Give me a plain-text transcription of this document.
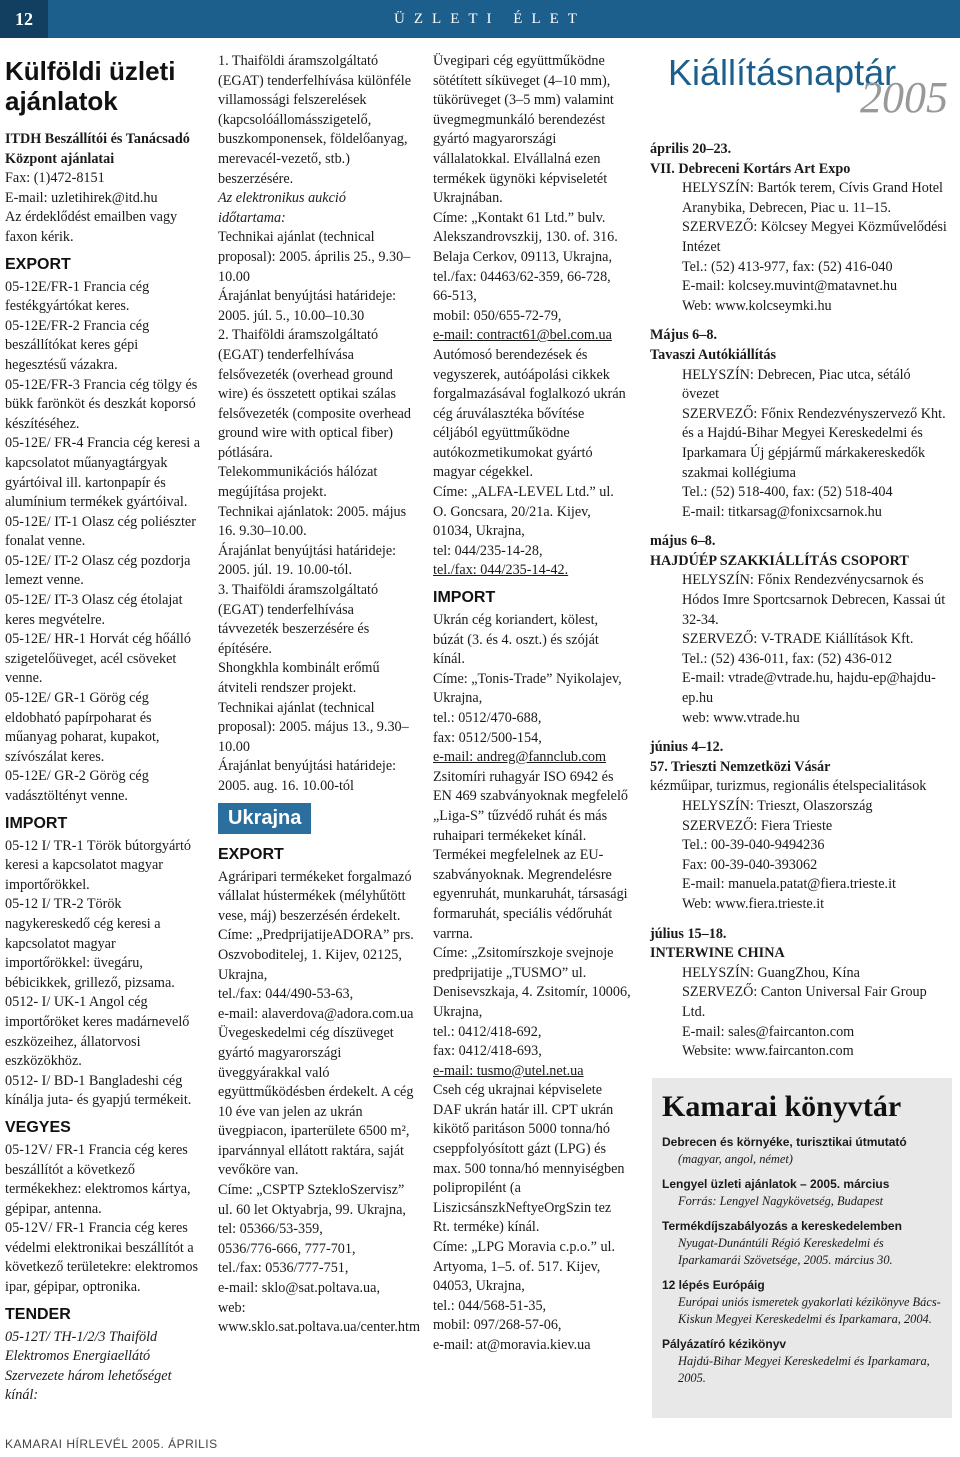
12	ÜZLETI ÉLET

Külföldi üzleti ajánlatok

ITDH Beszállítói és Tanácsadó Központ ajánlatai

Fax: (1)472-8151

E-mail: uzletihirek@itd.hu

Az érdeklődést emailben vagy faxon kérik.

EXPORT

05-12E/FR-1 Francia cég festékgyártókat keres.

05-12E/FR-2 Francia cég beszállítókat keres gépi hegesztésű vázakra.

05-12E/FR-3 Francia cég tölgy és bükk farönköt és deszkát koporsó készítéséhez.

05-12E/ FR-4 Francia cég keresi a kapcsolatot műanyagtárgyak gyártóival ill. kartonpapír és alumínium termékek gyártóival.

05-12E/ IT-1 Olasz cég poliészter fonalat venne.

05-12E/ IT-2 Olasz cég pozdorja lemezt venne.

05-12E/ IT-3 Olasz cég étolajat keres megvételre.

05-12E/ HR-1 Horvát cég hőálló szigetelőüveget, acél csöveket venne.

05-12E/ GR-1 Görög cég eldobható papírpoharat és műanyag poharat, kupakot, szívószálat keres.

05-12E/ GR-2 Görög cég vadásztöltényt venne.

IMPORT

05-12 I/ TR-1 Török bútorgyártó keresi a kapcsolatot magyar importőrökkel.

05-12 I/ TR-2 Török nagykereskedő cég keresi a kapcsolatot magyar importőrökkel: üvegáru, bébicikkek, grillező, pizsama.

0512- I/ UK-1 Angol cég importőröket keres madárnevelő eszközeihez, állatorvosi eszközökhöz.

0512- I/ BD-1 Bangladeshi cég kínálja juta- és gyapjú termékeit.

VEGYES

05-12V/ FR-1 Francia cég keres beszállítót a következő termékekhez: elektromos kártya, gépipar, antenna.

05-12V/ FR-1 Francia cég keres védelmi elektronikai beszállítót a következő területekre: elektromos ipar, gépipar, optronika.

TENDER

05-12T/ TH-1/2/3 Thaiföld Elektromos Energiaellátó Szervezete három lehetőséget kínál:

1. Thaiföldi áramszolgáltató (EGAT) tenderfelhívása különféle villamossági felszerelések (kapcsolóállomásszigetelő, buszkomponensek, földelőanyag, merevacél-vezető, stb.) beszerzésére.

Az elektronikus aukció időtartama:

Technikai ajánlat (technical proposal): 2005. április 25., 9.30–10.00

Árajánlat benyújtási határideje: 2005. júl. 5., 10.00–10.30

2. Thaiföldi áramszolgáltató (EGAT) tenderfelhívása felsővezeték (overhead ground wire) és összetett optikai szálas felsővezeték (composite overhead ground wire with optical fiber) pótlására.

Telekommunikációs hálózat megújítása projekt.

Technikai ajánlatok: 2005. május 16. 9.30–10.00.

Árajánlat benyújtási határideje: 2005. júl. 19. 10.00-tól.

3. Thaiföldi áramszolgáltató (EGAT) tenderfelhívása távvezeték beszerzésére és építésére.

Shongkhla kombinált erőmű átviteli rendszer projekt.

Technikai ajánlat (technical proposal): 2005. május 13., 9.30–10.00

Árajánlat benyújtási határideje: 2005. aug. 16. 10.00-tól

Ukrajna

EXPORT

Agráripari termékeket forgalmazó vállalat hústermékek (mélyhűtött vese, máj) beszerzésén érdekelt.

Címe: „PredprijatijeADORA” prs. Oszvoboditelej, 1. Kijev, 02125, Ukrajna,

tel./fax: 044/490-53-63,

e-mail: alaverdova@adora.com.ua

Üvegeskedelmi cég díszüveget gyártó magyarországi üveggyárakkal való együttműködésben érdekelt. A cég 10 éve van jelen az ukrán üvegpiacon, iparterülete 6500 m², iparvánnyal ellátott raktára, saját vevőköre van.

Címe: „CSPTP SztekloSzervisz” ul. 60 let Oktyabrja, 99. Ukrajna,

tel: 05366/53-359,

0536/776-666, 777-701,

tel./fax: 0536/777-751,

e-mail: sklo@sat.poltava.ua,

web: www.sklo.sat.poltava.ua/center.htm

Üvegipari cég együttműködne sötétített síküveget (4–10 mm), tükörüveget (3–5 mm) valamint üvegmegmunkáló berendezést gyártó magyarországi vállalatokkal. Elvállalná ezen termékek ügynöki képviseletét Ukrajnában.

Címe: „Kontakt 61 Ltd.” bulv. Alekszandrovszkij, 130. of. 316. Belaja Cerkov, 09113, Ukrajna,

tel./fax: 04463/62-359, 66-728, 66-513,

mobil: 050/655-72-79,

e-mail: contract61@bel.com.ua

Autómosó berendezések és vegyszerek, autóápolási cikkek forgalmazásával foglalkozó ukrán cég áruválasztéka bővítése céljából együttműködne autókozmetikumokat gyártó magyar cégekkel.

Címe: „ALFA-LEVEL Ltd.” ul. O. Goncsara, 20/21a. Kijev, 01034, Ukrajna,

tel: 044/235-14-28,

tel./fax: 044/235-14-42.

IMPORT

Ukrán cég koriandert, kölest, búzát (3. és 4. oszt.) és szóját kínál.

Címe: „Tonis-Trade” Nyikolajev, Ukrajna,

tel.: 0512/470-688,

fax: 0512/500-154,

e-mail: andreg@fannclub.com

Zsitomíri ruhagyár ISO 6942 és EN 469 szabványoknak megfelelő „Liga-S” tűzvédő ruhát és más ruhaipari termékeket kínál. Termékei megfelelnek az EU-szabványoknak. Megrendelésre egyenruhát, munkaruhát, társasági formaruhát, speciális védőruhát varrna.

Címe: „Zsitomírszkoje svejnoje predprijatije „TUSMO” ul. Denisevszkaja, 4. Zsitomír, 10006, Ukrajna,

tel.: 0412/418-692,

fax: 0412/418-693,

e-mail: tusmo@utel.net.ua

Cseh cég ukrajnai képviselete DAF ukrán határ ill. CPT ukrán kikötő paritáson 5000 tonna/hó cseppfolyósított gázt (LPG) és max. 500 tonna/hó mennyiségben polipropilént (a LiszicsánszkNeftyeOrgSzin tez Rt. terméke) kínál.

Címe: „LPG Moravia c.p.o.” ul. Artyoma, 1–5. of. 517. Kijev, 04053, Ukrajna,

tel.: 044/568-51-35,

mobil: 097/268-57-06,

e-mail: at@moravia.kiev.ua

Kiállításnaptár
2005

április 20–23.

VII. Debreceni Kortárs Art Expo

HELYSZÍN: Bartók terem, Cívis Grand Hotel Aranybika, Debrecen, Piac u. 11–15.

SZERVEZŐ: Kölcsey Megyei Közművelődési Intézet

Tel.: (52) 413-977, fax: (52) 416-040

E-mail: kolcsey.muvint@matavnet.hu

Web: www.kolcseymki.hu

Május 6–8.

Tavaszi Autókiállítás

HELYSZÍN: Debrecen, Piac utca, sétáló övezet

SZERVEZŐ: Főnix Rendezvényszervező Kht. és a Hajdú-Bihar Megyei Kereskedelmi és Iparkamara Új gépjármű márkakereskedők szakmai kollégiuma

Tel.: (52) 518-400, fax: (52) 518-404

E-mail: titkarsag@fonixcsarnok.hu

május 6–8.

HAJDÚÉP SZAKKIÁLLÍTÁS CSOPORT

HELYSZÍN: Főnix Rendezvénycsarnok és Hódos Imre Sportcsarnok Debrecen, Kassai út 32-34.

SZERVEZŐ: V-TRADE Kiállítások Kft.

Tel.: (52) 436-011, fax: (52) 436-012

E-mail: vtrade@vtrade.hu, hajdu-ep@hajdu-ep.hu

web: www.vtrade.hu

június 4–12.

57. Trieszti Nemzetközi Vásár

kézműipar, turizmus, regionális ételspecialitások

HELYSZÍN: Trieszt, Olaszország

SZERVEZŐ: Fiera Trieste

Tel.: 00-39-040-9494236

Fax: 00-39-040-393062

E-mail: manuela.patat@fiera.trieste.it

Web: www.fiera.trieste.it

július 15–18.

INTERWINE CHINA

HELYSZÍN: GuangZhou, Kína

SZERVEZŐ: Canton Universal Fair Group Ltd.

E-mail: sales@faircanton.com

Website: www.faircanton.com

Kamarai könyvtár
Debrecen és környéke, turisztikai útmutató
(magyar, angol, német)
Lengyel üzleti ajánlatok – 2005. március
Forrás: Lengyel Nagykövetség, Budapest
Termékdíjszabályozás a kereskedelemben
Nyugat-Dunántúli Régió Kereskedelmi és Iparkamarái Szövetsége, 2005. március 30.
12 lépés Európáig
Európai uniós ismeretek gyakorlati kézikönyve Bács-Kiskun Megyei Kereskedelmi és Iparkamara, 2004.
Pályázatíró kézikönyv
Hajdú-Bihar Megyei Kereskedelmi és Iparkamara, 2005.
KAMARAI HÍRLEVÉL 2005. ÁPRILIS
